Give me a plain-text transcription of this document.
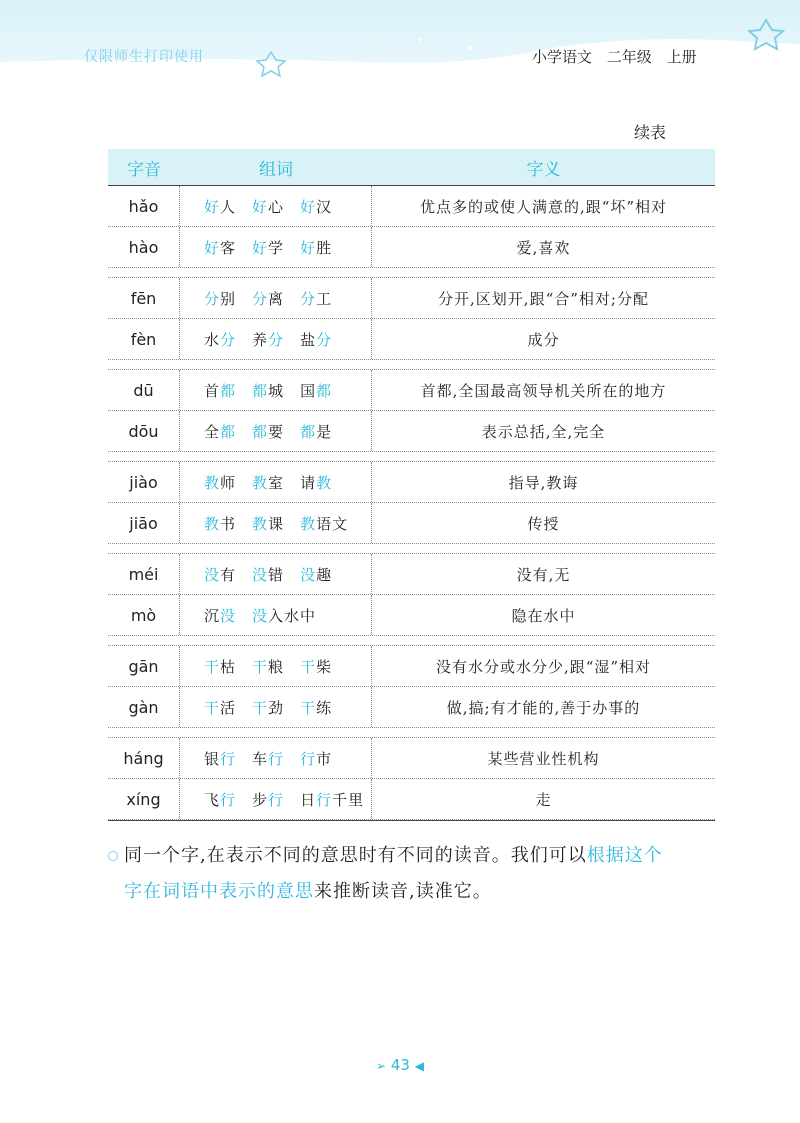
仅限师生打印使用	小学语文 二年级 上册
续表
字音	组词	字义
hǎo	好人 好心 好汉	优点多的或使人满意的,跟“坏”相对
hào	好客 好学 好胜	爱,喜欢
fēn	分别 分离 分工	分开,区划开,跟“合”相对;分配
fèn	水分 养分 盐分	成分
dū	首都 都城 国都	首都,全国最高领导机关所在的地方
dōu	全都 都要 都是	表示总括,全,完全
jiào	教师 教室 请教	指导,教诲
jiāo	教书 教课 教语文	传授
méi	没有 没错 没趣	没有,无
mò	沉没 没入水中	隐在水中
gān	干枯 干粮 干柴	没有水分或水分少,跟“湿”相对
gàn	干活 干劲 干练	做,搞;有才能的,善于办事的
háng	银行 车行 行市	某些营业性机构
xíng	飞行 步行 日行千里	走
同一个字,在表示不同的意思时有不同的读音。我们可以根据这个
字在词语中表示的意思来推断读音,读准它。
➢ 43 ◀
